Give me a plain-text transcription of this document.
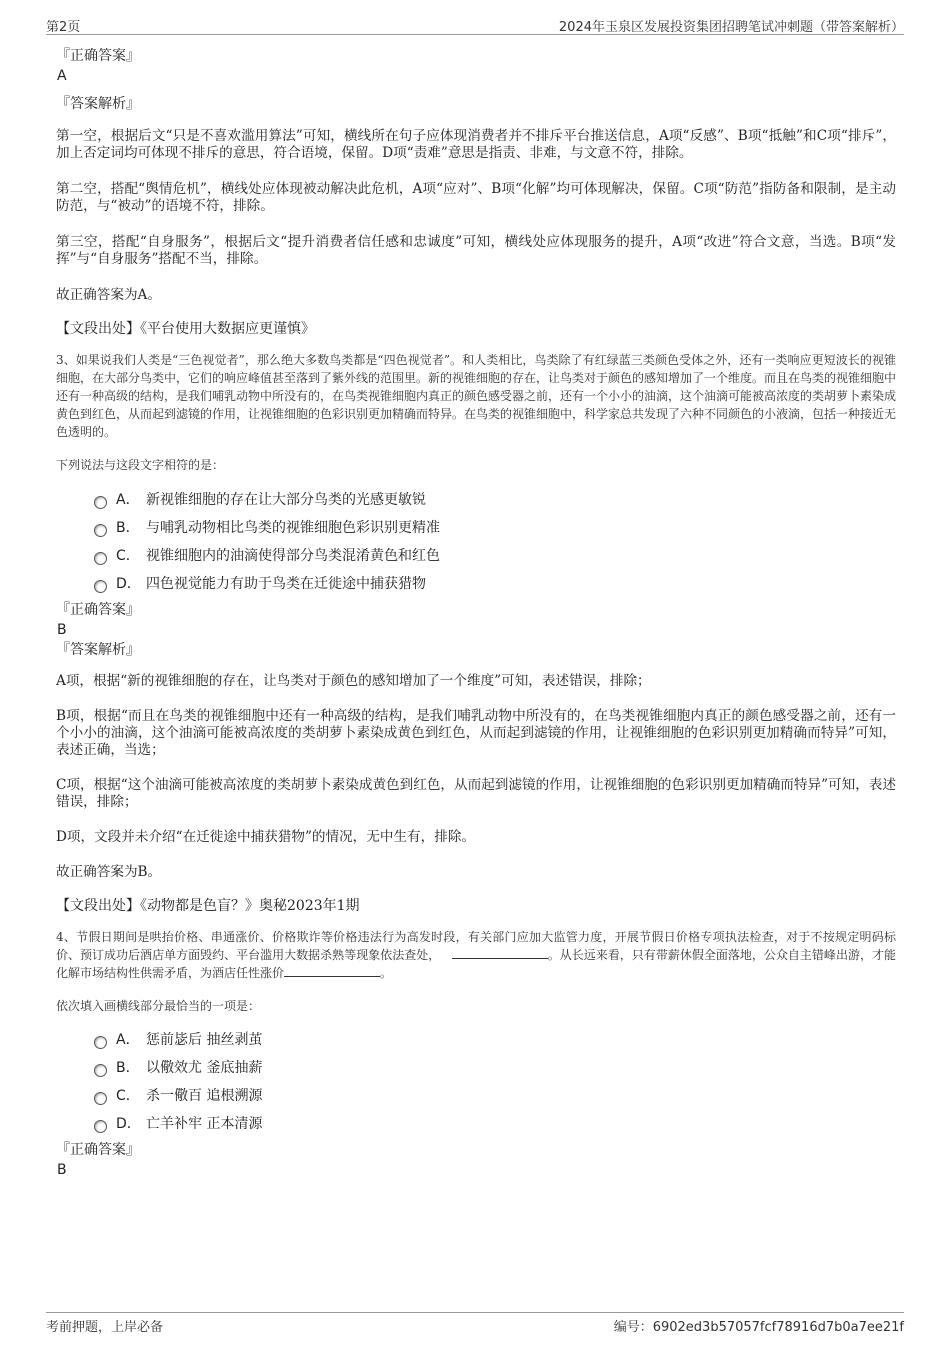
第2页	2024年玉泉区发展投资集团招聘笔试冲刺题（带答案解析）

『正确答案』

A

『答案解析』

第一空，根据后文“只是不喜欢滥用算法”可知，横线所在句子应体现消费者并不排斥平台推送信息，A项“反感”、B项“抵触”和C项“排斥”，加上否定词均可体现不排斥的意思，符合语境，保留。D项“责难”意思是指责、非难，与文意不符，排除。

第二空，搭配“舆情危机”，横线处应体现被动解决此危机，A项“应对”、B项“化解”均可体现解决，保留。C项“防范”指防备和限制，是主动防范，与“被动”的语境不符，排除。

第三空，搭配“自身服务”，根据后文“提升消费者信任感和忠诚度”可知，横线处应体现服务的提升，A项“改进”符合文意，当选。B项“发挥”与“自身服务”搭配不当，排除。

故正确答案为A。

【文段出处】《平台使用大数据应更谨慎》

3、如果说我们人类是“三色视觉者”，那么绝大多数鸟类都是“四色视觉者”。和人类相比，鸟类除了有红绿蓝三类颜色受体之外，还有一类响应更短波长的视锥细胞，在大部分鸟类中，它们的响应峰值甚至落到了紫外线的范围里。新的视锥细胞的存在，让鸟类对于颜色的感知增加了一个维度。而且在鸟类的视锥细胞中还有一种高级的结构，是我们哺乳动物中所没有的，在鸟类视锥细胞内真正的颜色感受器之前，还有一个小小的油滴，这个油滴可能被高浓度的类胡萝卜素染成黄色到红色，从而起到滤镜的作用，让视锥细胞的色彩识别更加精确而特异。在鸟类的视锥细胞中，科学家总共发现了六种不同颜色的小液滴，包括一种接近无色透明的。

下列说法与这段文字相符的是：

A． 新视锥细胞的存在让大部分鸟类的光感更敏锐
B． 与哺乳动物相比鸟类的视锥细胞色彩识别更精准
C． 视锥细胞内的油滴使得部分鸟类混淆黄色和红色
D． 四色视觉能力有助于鸟类在迁徙途中捕获猎物

『正确答案』

B

『答案解析』

A项，根据“新的视锥细胞的存在，让鸟类对于颜色的感知增加了一个维度”可知，表述错误，排除；

B项，根据“而且在鸟类的视锥细胞中还有一种高级的结构，是我们哺乳动物中所没有的，在鸟类视锥细胞内真正的颜色感受器之前，还有一个小小的油滴，这个油滴可能被高浓度的类胡萝卜素染成黄色到红色，从而起到滤镜的作用，让视锥细胞的色彩识别更加精确而特异”可知，表述正确，当选；

C项，根据“这个油滴可能被高浓度的类胡萝卜素染成黄色到红色，从而起到滤镜的作用，让视锥细胞的色彩识别更加精确而特异”可知，表述错误，排除；

D项，文段并未介绍“在迁徙途中捕获猎物”的情况，无中生有，排除。

故正确答案为B。

【文段出处】《动物都是色盲？》奥秘2023年1期

4、节假日期间是哄抬价格、串通涨价、价格欺诈等价格违法行为高发时段，有关部门应加大监管力度，开展节假日价格专项执法检查，对于不按规定明码标价、预订成功后酒店单方面毁约、平台滥用大数据杀熟等现象依法查处，	。从长远来看，只有带薪休假全面落地，公众自主错峰出游，才能化解市场结构性供需矛盾，为酒店任性涨价	。

依次填入画横线部分最恰当的一项是：

A． 惩前毖后 抽丝剥茧
B． 以儆效尤 釜底抽薪
C． 杀一儆百 追根溯源
D． 亡羊补牢 正本清源

『正确答案』

B

考前押题，上岸必备	编号：6902ed3b57057fcf78916d7b0a7ee21f
